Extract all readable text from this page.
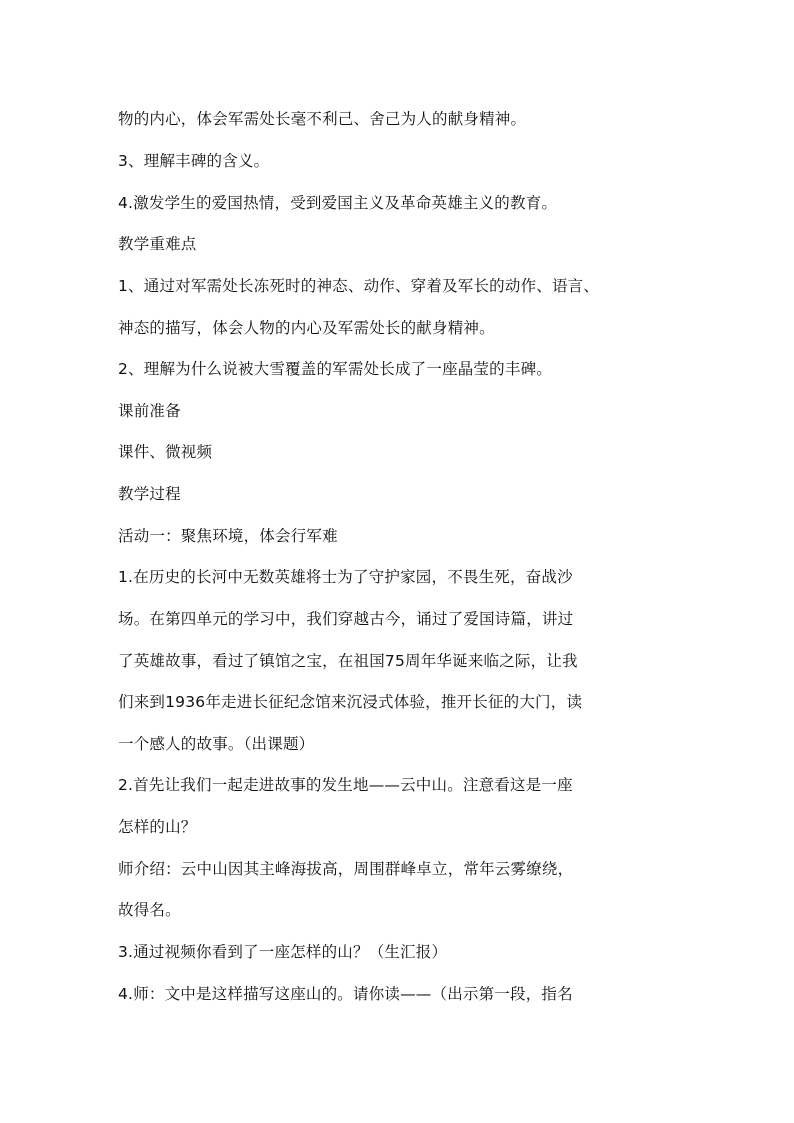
物的内心，体会军需处长毫不利己、舍己为人的献身精神。

3、理解丰碑的含义。

4.激发学生的爱国热情，受到爱国主义及革命英雄主义的教育。

教学重难点

1、通过对军需处长冻死时的神态、动作、穿着及军长的动作、语言、

神态的描写，体会人物的内心及军需处长的献身精神。

2、理解为什么说被大雪覆盖的军需处长成了一座晶莹的丰碑。

课前准备

课件、微视频

教学过程

活动一：聚焦环境，体会行军难

1.在历史的长河中无数英雄将士为了守护家园，不畏生死，奋战沙

场。在第四单元的学习中，我们穿越古今，诵过了爱国诗篇，讲过

了英雄故事，看过了镇馆之宝，在祖国75周年华诞来临之际，让我

们来到1936年走进长征纪念馆来沉浸式体验，推开长征的大门，读

一个感人的故事。（出课题）

2.首先让我们一起走进故事的发生地——云中山。注意看这是一座

怎样的山？

师介绍：云中山因其主峰海拔高，周围群峰卓立，常年云雾缭绕，

故得名。

3.通过视频你看到了一座怎样的山？（生汇报）

4.师：文中是这样描写这座山的。请你读——（出示第一段，指名
